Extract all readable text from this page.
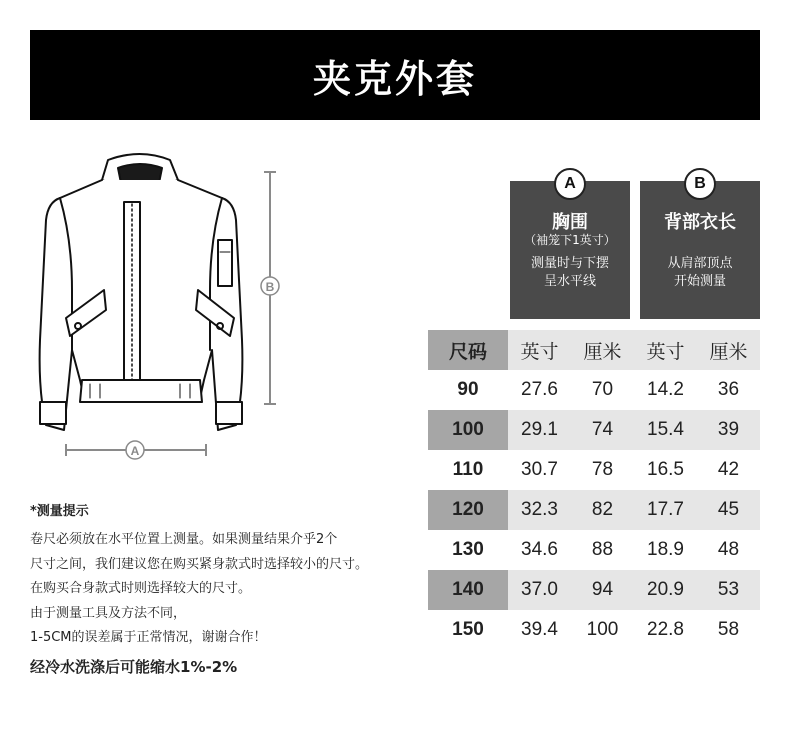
夹克外套
B
A
A
胸围
（袖笼下1英寸）
测量时与下摆
呈水平线
B
背部衣长
从肩部顶点
开始测量
尺码	英寸	厘米	英寸	厘米
90	27.6	70	14.2	36
100	29.1	74	15.4	39
110	30.7	78	16.5	42
120	32.3	82	17.7	45
130	34.6	88	18.9	48
140	37.0	94	20.9	53
150	39.4	100	22.8	58
*测量提示
卷尺必须放在水平位置上测量。如果测量结果介乎2个
尺寸之间，我们建议您在购买紧身款式时选择较小的尺寸。
在购买合身款式时则选择较大的尺寸。
由于测量工具及方法不同，
1-5CM的误差属于正常情况，谢谢合作！
经冷水洗涤后可能缩水1%-2%
